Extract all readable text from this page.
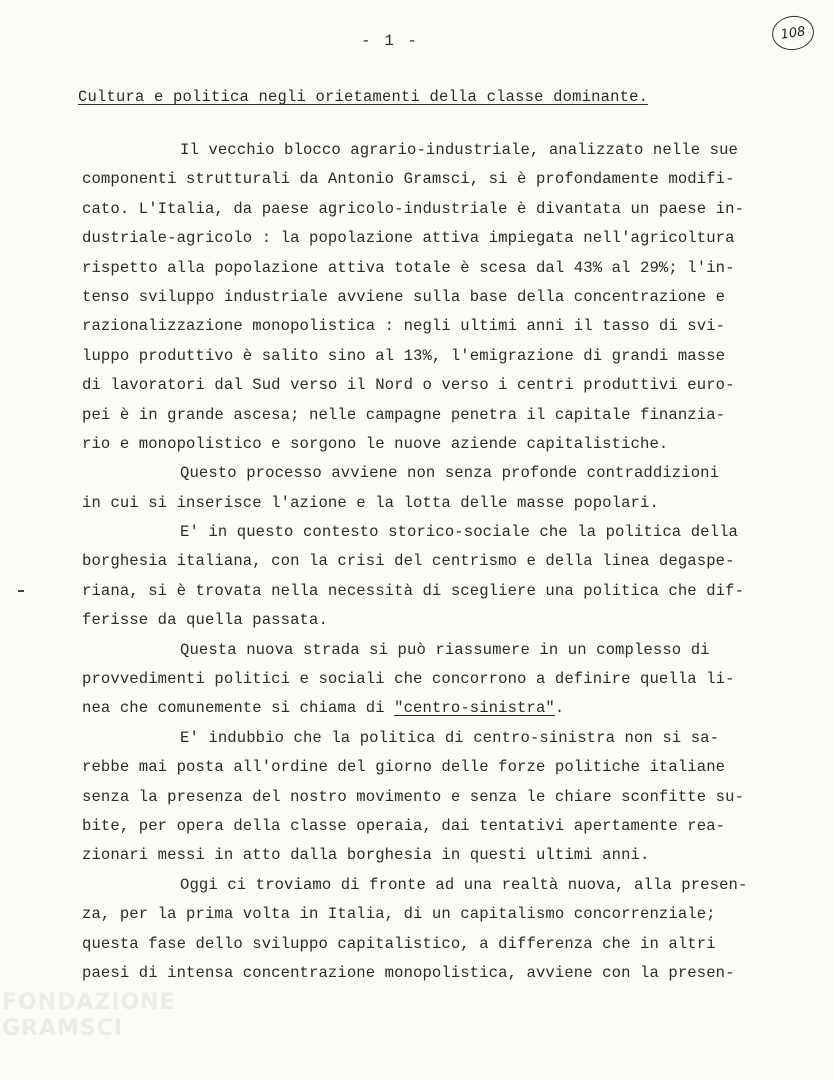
- 1 -	108
Cultura e politica negli orietamenti della classe dominante.
Il vecchio blocco agrario-industriale, analizzato nelle sue
componenti strutturali da Antonio Gramsci, si è profondamente modifi-
cato. L'Italia, da paese agricolo-industriale è divantata un paese in-
dustriale-agricolo : la popolazione attiva impiegata nell'agricoltura
rispetto alla popolazione attiva totale è scesa dal 43% al 29%; l'in-
tenso sviluppo industriale avviene sulla base della concentrazione e
razionalizzazione monopolistica : negli ultimi anni il tasso di svi-
luppo produttivo è salito sino al 13%, l'emigrazione di grandi masse
di lavoratori dal Sud verso il Nord o verso i centri produttivi euro-
pei è in grande ascesa; nelle campagne penetra il capitale finanzia-
rio e monopolistico e sorgono le nuove aziende capitalistiche.
Questo processo avviene non senza profonde contraddizioni
in cui si inserisce l'azione e la lotta delle masse popolari.
E' in questo contesto storico-sociale che la politica della
borghesia italiana, con la crisi del centrismo e della linea degaspe-
riana, si è trovata nella necessità di scegliere una politica che dif-
ferisse da quella passata.
Questa nuova strada si può riassumere in un complesso di
provvedimenti politici e sociali che concorrono a definire quella li-
nea che comunemente si chiama di "centro-sinistra".
E' indubbio che la politica di centro-sinistra non si sa-
rebbe mai posta all'ordine del giorno delle forze politiche italiane
senza la presenza del nostro movimento e senza le chiare sconfitte su-
bite, per opera della classe operaia, dai tentativi apertamente rea-
zionari messi in atto dalla borghesia in questi ultimi anni.
Oggi ci troviamo di fronte ad una realtà nuova, alla presen-
za, per la prima volta in Italia, di un capitalismo concorrenziale;
questa fase dello sviluppo capitalistico, a differenza che in altri
paesi di intensa concentrazione monopolistica, avviene con la presen-
FONDAZIONE
GRAMSCI
